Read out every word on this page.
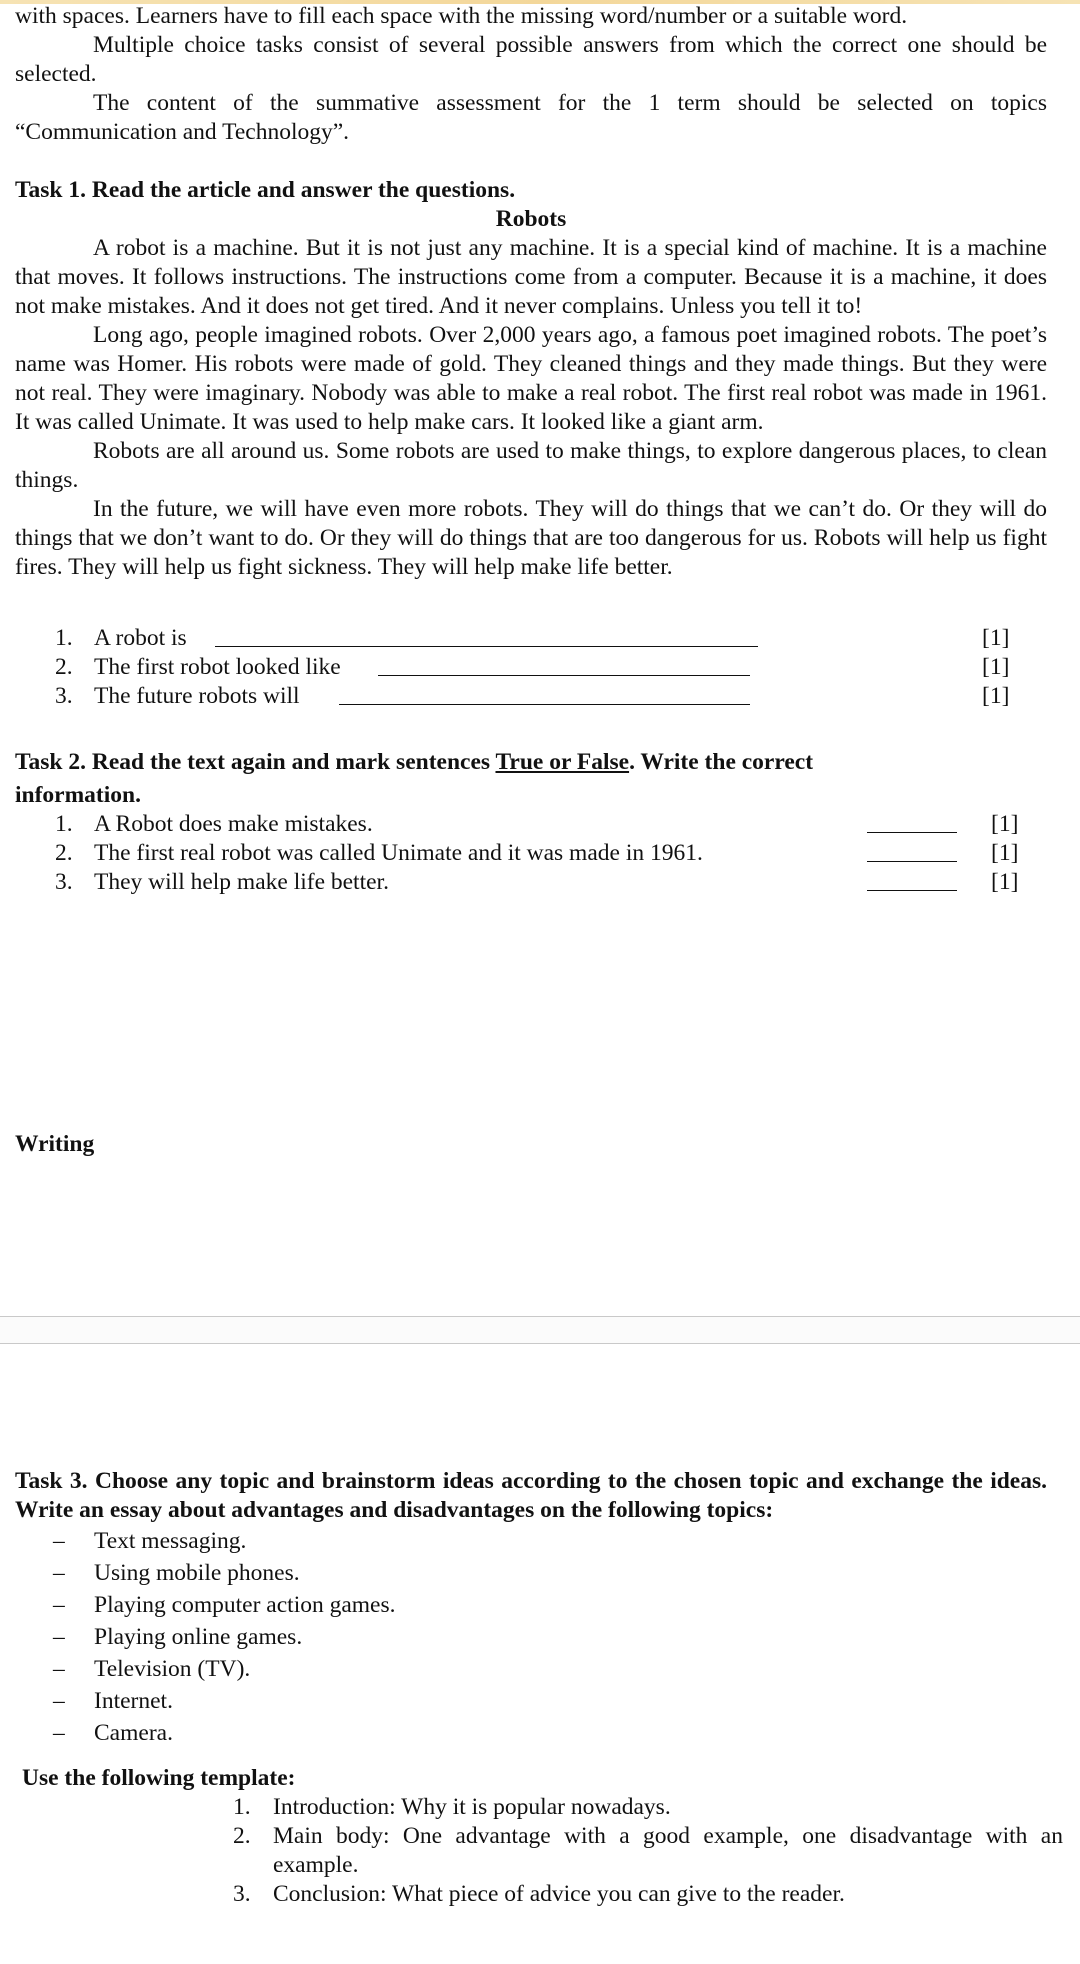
with spaces. Learners have to fill each space with the missing word/number or a suitable word.

Multiple choice tasks consist of several possible answers from which the correct one should be selected.

The content of the summative assessment for the 1 term should be selected on topics “Communication and Technology”.

Task 1. Read the article and answer the questions.

Robots

A robot is a machine. But it is not just any machine. It is a special kind of machine. It is a machine that moves. It follows instructions. The instructions come from a computer. Because it is a machine, it does not make mistakes. And it does not get tired. And it never complains. Unless you tell it to!

Long ago, people imagined robots. Over 2,000 years ago, a famous poet imagined robots. The poet’s name was Homer. His robots were made of gold. They cleaned things and they made things. But they were not real. They were imaginary. Nobody was able to make a real robot. The first real robot was made in 1961. It was called Unimate. It was used to help make cars. It looked like a giant arm.

Robots are all around us. Some robots are used to make things, to explore dangerous places, to clean things.

In the future, we will have even more robots. They will do things that we can’t do. Or they will do things that we don’t want to do. Or they will do things that are too dangerous for us. Robots will help us fight fires. They will help us fight sickness. They will help make life better.

1. A robot is	[1]
2. The first robot looked like	[1]
3. The future robots will	[1]

Task 2. Read the text again and mark sentences True or False. Write the correct

information.

1. A Robot does make mistakes.	[1]
2. The first real robot was called Unimate and it was made in 1961.	[1]
3. They will help make life better.	[1]

Writing

Task 3. Choose any topic and brainstorm ideas according to the chosen topic and exchange the ideas. Write an essay about advantages and disadvantages on the following topics:

– Text messaging.
– Using mobile phones.
– Playing computer action games.
– Playing online games.
– Television (TV).
– Internet.
– Camera.

Use the following template:

1. Introduction: Why it is popular nowadays.
2. Main body: One advantage with a good example, one disadvantage with an example.
3. Conclusion: What piece of advice you can give to the reader.
